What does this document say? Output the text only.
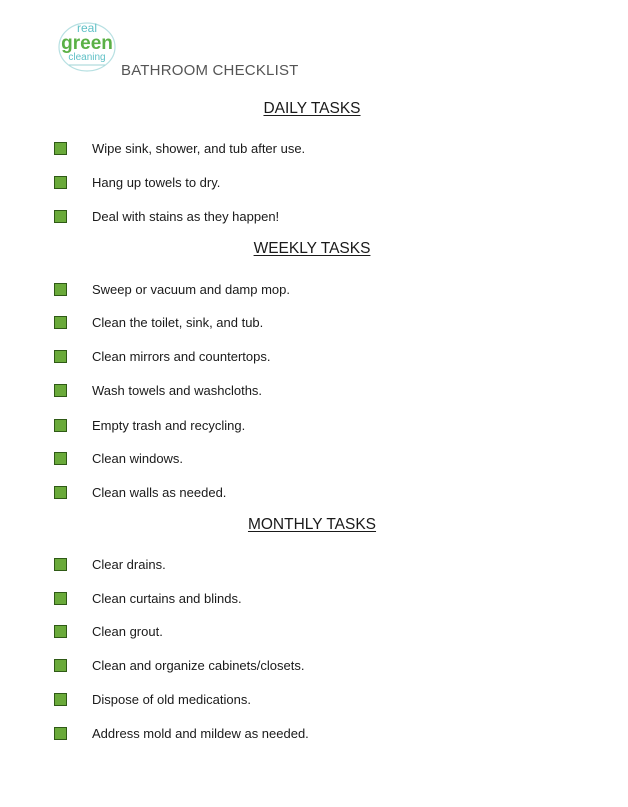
real
green
cleaning
BATHROOM CHECKLIST
DAILY TASKS
Wipe sink, shower, and tub after use.
Hang up towels to dry.
Deal with stains as they happen!
WEEKLY TASKS
Sweep or vacuum and damp mop.
Clean the toilet, sink, and tub.
Clean mirrors and countertops.
Wash towels and washcloths.
Empty trash and recycling.
Clean windows.
Clean walls as needed.
MONTHLY TASKS
Clear drains.
Clean curtains and blinds.
Clean grout.
Clean and organize cabinets/closets.
Dispose of old medications.
Address mold and mildew as needed.
